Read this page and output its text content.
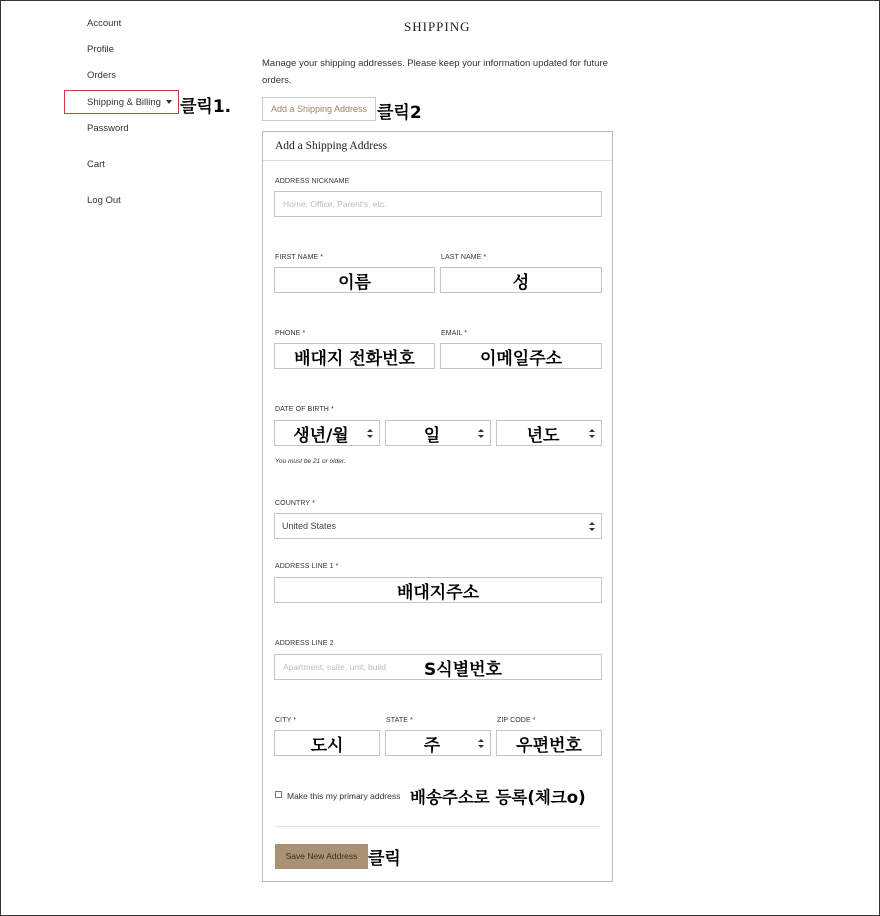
Account
Profile
Orders
Shipping & Billing	클릭1.
Password
Cart
Log Out
SHIPPING
Manage your shipping addresses. Please keep your information updated for future orders.
Add a Shipping Address 클릭2
Add a Shipping Address
ADDRESS NICKNAME
Home, Office, Parent's, etc.
FIRST NAME *	LAST NAME *
이름	성
PHONE *	EMAIL *
배대지 전화번호	이메일주소
DATE OF BIRTH *
생년/월	일	년도
You must be 21 or older.
COUNTRY *
United States
ADDRESS LINE 1 *
배대지주소
ADDRESS LINE 2
Apartment, suite, unit, build	S식별번호
CITY *	STATE *	ZIP CODE *
도시	주	우편번호
Make this my primary address
Save New Address
배송주소로 등록(체크o)
클릭
